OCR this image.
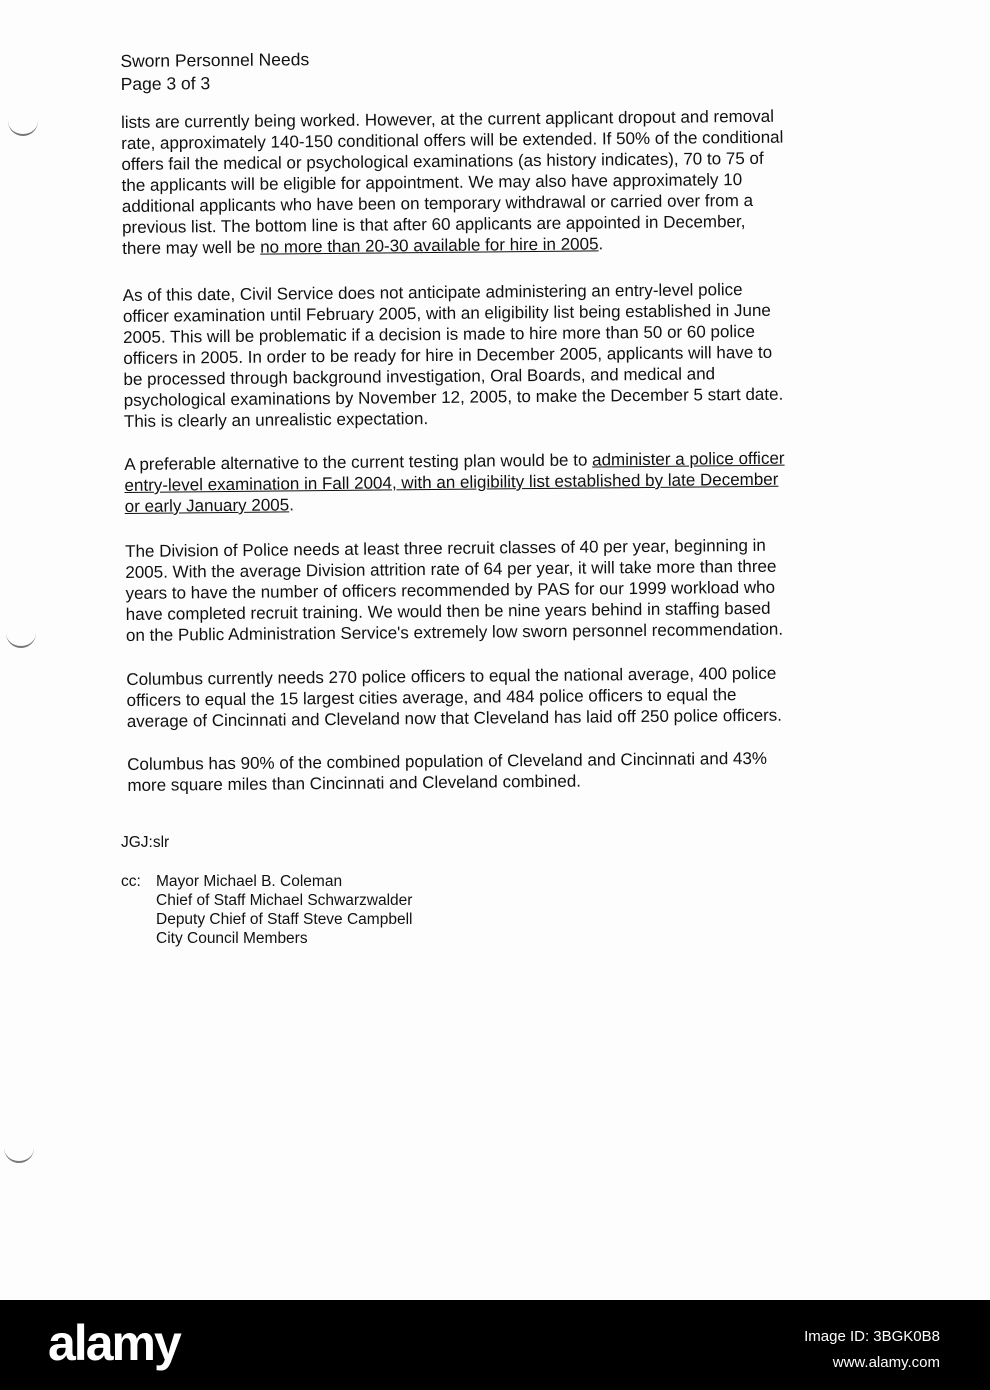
Sworn Personnel Needs
Page 3 of 3
lists are currently being worked. However, at the current applicant dropout and removal
rate, approximately 140-150 conditional offers will be extended. If 50% of the conditional
offers fail the medical or psychological examinations (as history indicates), 70 to 75 of
the applicants will be eligible for appointment. We may also have approximately 10
additional applicants who have been on temporary withdrawal or carried over from a
previous list. The bottom line is that after 60 applicants are appointed in December,
there may well be no more than 20-30 available for hire in 2005.
As of this date, Civil Service does not anticipate administering an entry-level police
officer examination until February 2005, with an eligibility list being established in June
2005. This will be problematic if a decision is made to hire more than 50 or 60 police
officers in 2005. In order to be ready for hire in December 2005, applicants will have to
be processed through background investigation, Oral Boards, and medical and
psychological examinations by November 12, 2005, to make the December 5 start date.
This is clearly an unrealistic expectation.
A preferable alternative to the current testing plan would be to administer a police officer
entry-level examination in Fall 2004, with an eligibility list established by late December
or early January 2005.
The Division of Police needs at least three recruit classes of 40 per year, beginning in
2005. With the average Division attrition rate of 64 per year, it will take more than three
years to have the number of officers recommended by PAS for our 1999 workload who
have completed recruit training. We would then be nine years behind in staffing based
on the Public Administration Service's extremely low sworn personnel recommendation.
Columbus currently needs 270 police officers to equal the national average, 400 police
officers to equal the 15 largest cities average, and 484 police officers to equal the
average of Cincinnati and Cleveland now that Cleveland has laid off 250 police officers.
Columbus has 90% of the combined population of Cleveland and Cincinnati and 43%
more square miles than Cincinnati and Cleveland combined.
JGJ:slr
cc: Mayor Michael B. Coleman
Chief of Staff Michael Schwarzwalder
Deputy Chief of Staff Steve Campbell
City Council Members
alamy	Image ID: 3BGK0B8
www.alamy.com
